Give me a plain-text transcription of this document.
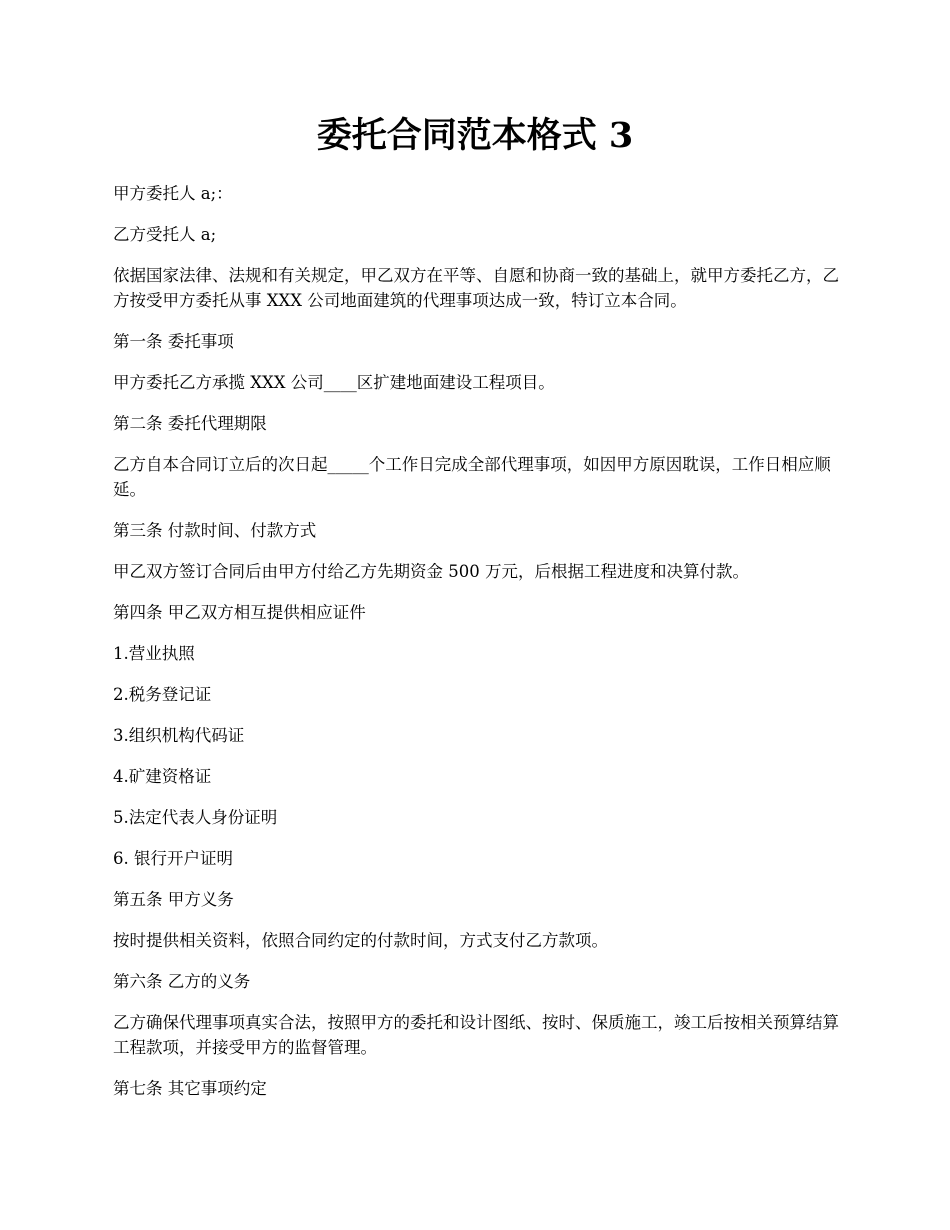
委托合同范本格式 3

甲方委托人 a;：

乙方受托人 a;

依据国家法律、法规和有关规定，甲乙双方在平等、自愿和协商一致的基础上，就甲方委托乙方，乙方按受甲方委托从事 XXX 公司地面建筑的代理事项达成一致，特订立本合同。

第一条 委托事项

甲方委托乙方承揽 XXX 公司____区扩建地面建设工程项目。

第二条 委托代理期限

乙方自本合同订立后的次日起_____个工作日完成全部代理事项，如因甲方原因耽误，工作日相应顺延。

第三条 付款时间、付款方式

甲乙双方签订合同后由甲方付给乙方先期资金 500 万元，后根据工程进度和决算付款。

第四条 甲乙双方相互提供相应证件

1.营业执照

2.税务登记证

3.组织机构代码证

4.矿建资格证

5.法定代表人身份证明

6. 银行开户证明

第五条 甲方义务

按时提供相关资料，依照合同约定的付款时间，方式支付乙方款项。

第六条 乙方的义务

乙方确保代理事项真实合法，按照甲方的委托和设计图纸、按时、保质施工，竣工后按相关预算结算工程款项，并接受甲方的监督管理。

第七条 其它事项约定
